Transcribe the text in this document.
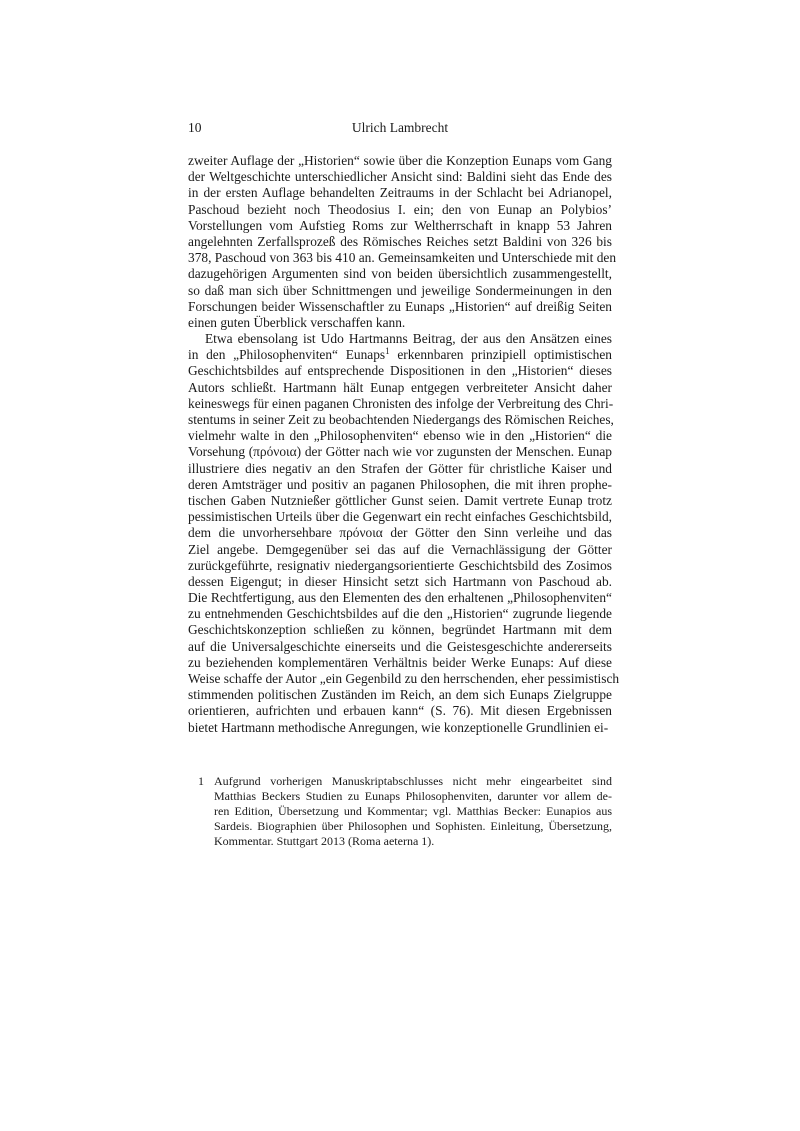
10	Ulrich Lambrecht
zweiter Auflage der „Historien“ sowie über die Konzeption Eunaps vom Gang
der Weltgeschichte unterschiedlicher Ansicht sind: Baldini sieht das Ende des
in der ersten Auflage behandelten Zeitraums in der Schlacht bei Adrianopel,
Paschoud bezieht noch Theodosius I. ein; den von Eunap an Polybios’
Vorstellungen vom Aufstieg Roms zur Weltherrschaft in knapp 53 Jahren
angelehnten Zerfallsprozeß des Römisches Reiches setzt Baldini von 326 bis
378, Paschoud von 363 bis 410 an. Gemeinsamkeiten und Unterschiede mit den
dazugehörigen Argumenten sind von beiden übersichtlich zusammengestellt,
so daß man sich über Schnittmengen und jeweilige Sondermeinungen in den
Forschungen beider Wissenschaftler zu Eunaps „Historien“ auf dreißig Seiten
einen guten Überblick verschaffen kann.
Etwa ebensolang ist Udo Hartmanns Beitrag, der aus den Ansätzen eines
in den „Philosophenviten“ Eunaps$^1$ erkennbaren prinzipiell optimistischen
Geschichtsbildes auf entsprechende Dispositionen in den „Historien“ dieses
Autors schließt. Hartmann hält Eunap entgegen verbreiteter Ansicht daher
keineswegs für einen paganen Chronisten des infolge der Verbreitung des Chri-
stentums in seiner Zeit zu beobachtenden Niedergangs des Römischen Reiches,
vielmehr walte in den „Philosophenviten“ ebenso wie in den „Historien“ die
Vorsehung (πρόνοια) der Götter nach wie vor zugunsten der Menschen. Eunap
illustriere dies negativ an den Strafen der Götter für christliche Kaiser und
deren Amtsträger und positiv an paganen Philosophen, die mit ihren prophe-
tischen Gaben Nutznießer göttlicher Gunst seien. Damit vertrete Eunap trotz
pessimistischen Urteils über die Gegenwart ein recht einfaches Geschichtsbild,
dem die unvorhersehbare πρόνοια der Götter den Sinn verleihe und das
Ziel angebe. Demgegenüber sei das auf die Vernachlässigung der Götter
zurückgeführte, resignativ niedergangsorientierte Geschichtsbild des Zosimos
dessen Eigengut; in dieser Hinsicht setzt sich Hartmann von Paschoud ab.
Die Rechtfertigung, aus den Elementen des den erhaltenen „Philosophenviten“
zu entnehmenden Geschichtsbildes auf die den „Historien“ zugrunde liegende
Geschichtskonzeption schließen zu können, begründet Hartmann mit dem
auf die Universalgeschichte einerseits und die Geistesgeschichte andererseits
zu beziehenden komplementären Verhältnis beider Werke Eunaps: Auf diese
Weise schaffe der Autor „ein Gegenbild zu den herrschenden, eher pessimistisch
stimmenden politischen Zuständen im Reich, an dem sich Eunaps Zielgruppe
orientieren, aufrichten und erbauen kann“ (S. 76). Mit diesen Ergebnissen
bietet Hartmann methodische Anregungen, wie konzeptionelle Grundlinien ei-
1 Aufgrund vorherigen Manuskriptabschlusses nicht mehr eingearbeitet sind
Matthias Beckers Studien zu Eunaps Philosophenviten, darunter vor allem de-
ren Edition, Übersetzung und Kommentar; vgl. Matthias Becker: Eunapios aus
Sardeis. Biographien über Philosophen und Sophisten. Einleitung, Übersetzung,
Kommentar. Stuttgart 2013 (Roma aeterna 1).
